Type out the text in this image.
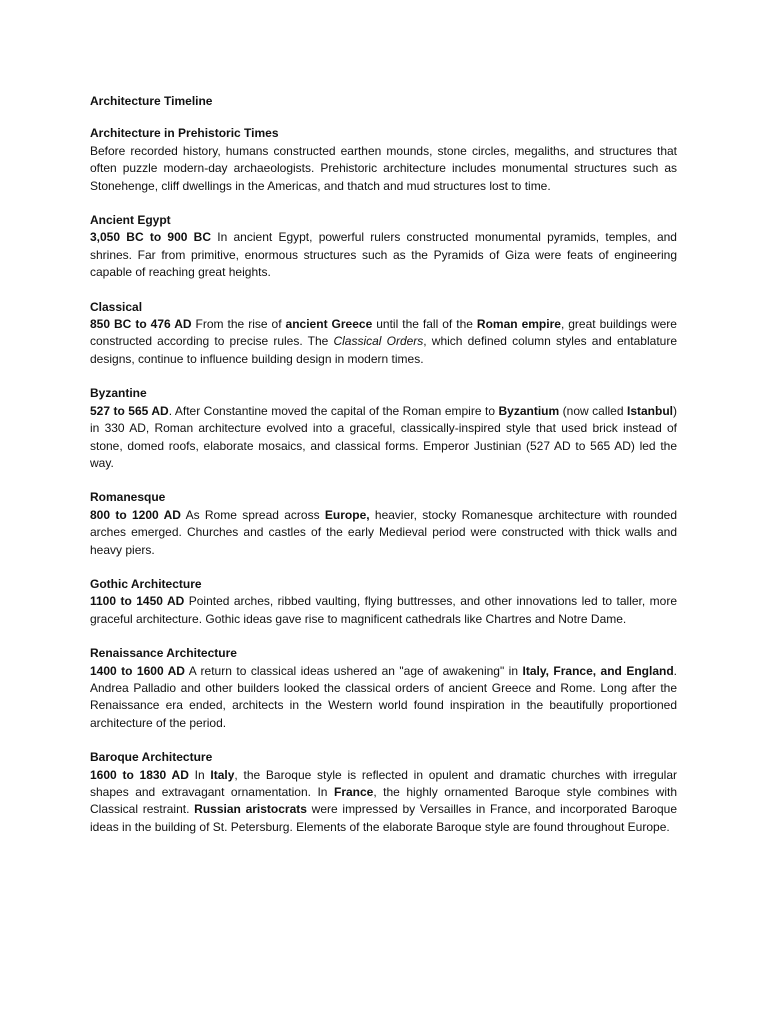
Architecture Timeline

Architecture in Prehistoric Times

Before recorded history, humans constructed earthen mounds, stone circles, megaliths, and structures that often puzzle modern-day archaeologists. Prehistoric architecture includes monumental structures such as Stonehenge, cliff dwellings in the Americas, and thatch and mud structures lost to time.

Ancient Egypt

3,050 BC to 900 BC In ancient Egypt, powerful rulers constructed monumental pyramids, temples, and shrines. Far from primitive, enormous structures such as the Pyramids of Giza were feats of engineering capable of reaching great heights.

Classical

850 BC to 476 AD From the rise of ancient Greece until the fall of the Roman empire, great buildings were constructed according to precise rules. The Classical Orders, which defined column styles and entablature designs, continue to influence building design in modern times.

Byzantine

527 to 565 AD. After Constantine moved the capital of the Roman empire to Byzantium (now called Istanbul) in 330 AD, Roman architecture evolved into a graceful, classically-inspired style that used brick instead of stone, domed roofs, elaborate mosaics, and classical forms. Emperor Justinian (527 AD to 565 AD) led the way.

Romanesque

800 to 1200 AD As Rome spread across Europe, heavier, stocky Romanesque architecture with rounded arches emerged. Churches and castles of the early Medieval period were constructed with thick walls and heavy piers.

Gothic Architecture

1100 to 1450 AD Pointed arches, ribbed vaulting, flying buttresses, and other innovations led to taller, more graceful architecture. Gothic ideas gave rise to magnificent cathedrals like Chartres and Notre Dame.

Renaissance Architecture

1400 to 1600 AD A return to classical ideas ushered an "age of awakening" in Italy, France, and England. Andrea Palladio and other builders looked the classical orders of ancient Greece and Rome. Long after the Renaissance era ended, architects in the Western world found inspiration in the beautifully proportioned architecture of the period.

Baroque Architecture

1600 to 1830 AD In Italy, the Baroque style is reflected in opulent and dramatic churches with irregular shapes and extravagant ornamentation. In France, the highly ornamented Baroque style combines with Classical restraint. Russian aristocrats were impressed by Versailles in France, and incorporated Baroque ideas in the building of St. Petersburg. Elements of the elaborate Baroque style are found throughout Europe.
